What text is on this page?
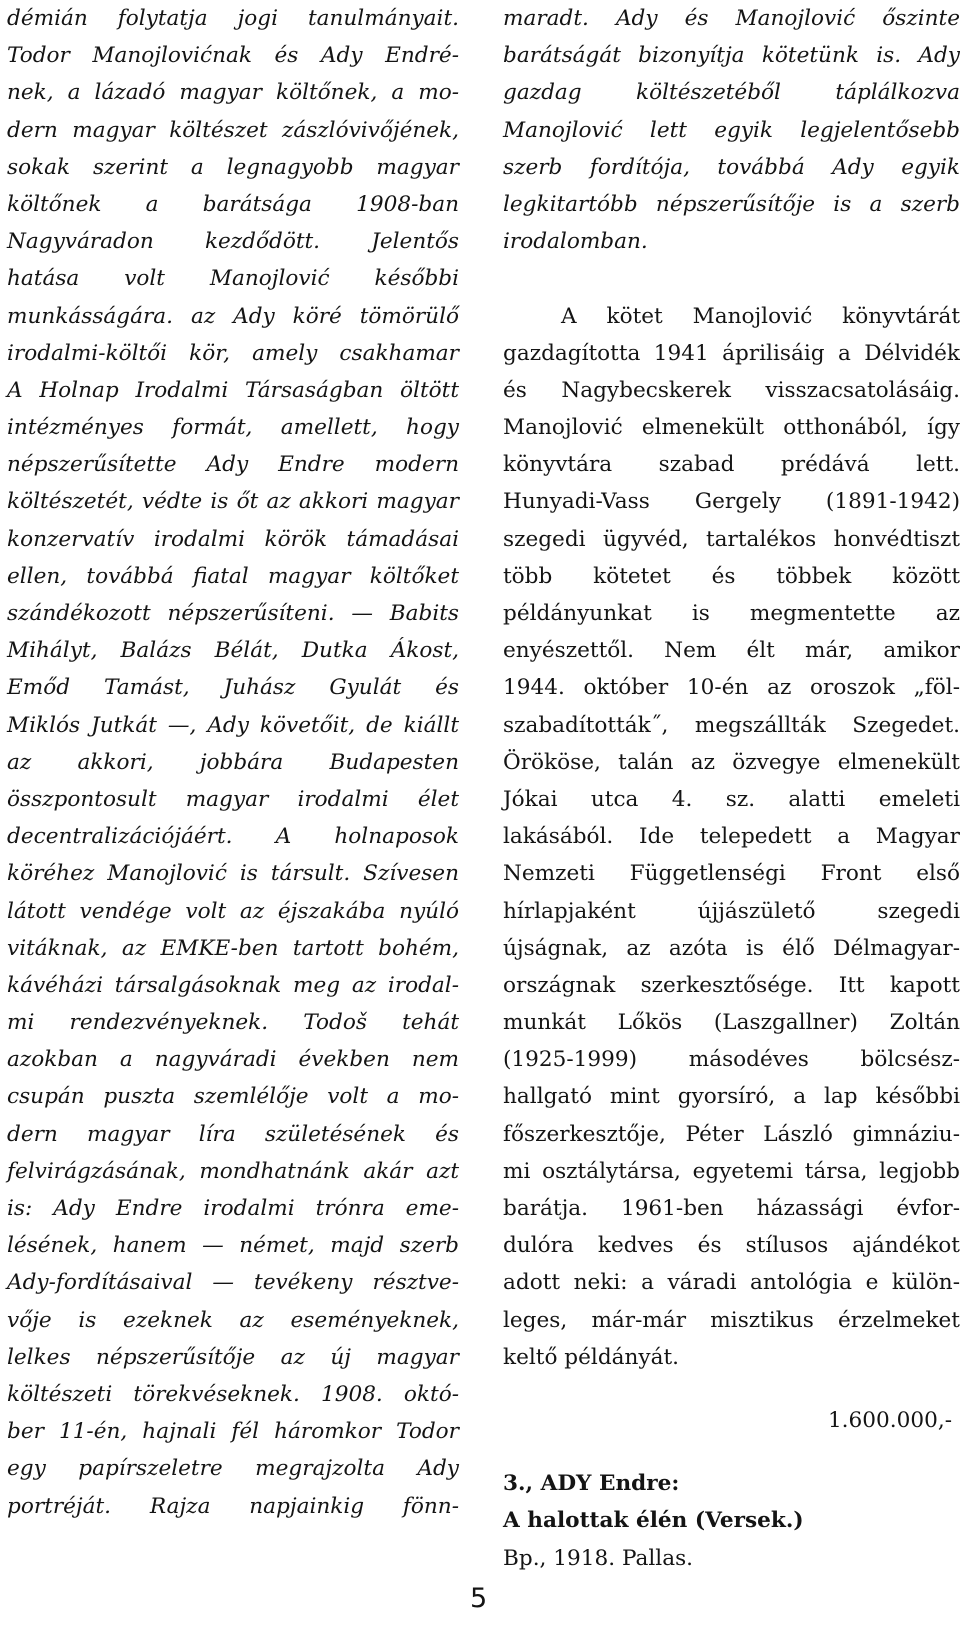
démián folytatja jogi tanulmányait.
Todor Manojlovićnak és Ady Endré-
nek, a lázadó magyar költőnek, a mo-
dern magyar költészet zászlóvivőjének,
sokak szerint a legnagyobb magyar
költőnek a barátsága 1908-ban
Nagyváradon kezdődött. Jelentős
hatása volt Manojlović későbbi
munkásságára. az Ady köré tömörülő
irodalmi-költői kör, amely csakhamar
A Holnap Irodalmi Társaságban öltött
intézményes formát, amellett, hogy
népszerűsítette Ady Endre modern
költészetét, védte is őt az akkori magyar
konzervatív irodalmi körök támadásai
ellen, továbbá fiatal magyar költőket
szándékozott népszerűsíteni. — Babits
Mihályt, Balázs Bélát, Dutka Ákost,
Emőd Tamást, Juhász Gyulát és
Miklós Jutkát —, Ady követőit, de kiállt
az akkori, jobbára Budapesten
összpontosult magyar irodalmi élet
decentralizációjáért. A holnaposok
köréhez Manojlović is társult. Szívesen
látott vendége volt az éjszakába nyúló
vitáknak, az EMKE-ben tartott bohém,
kávéházi társalgásoknak meg az irodal-
mi rendezvényeknek. Todoš tehát
azokban a nagyváradi években nem
csupán puszta szemlélője volt a mo-
dern magyar líra születésének és
felvirágzásának, mondhatnánk akár azt
is: Ady Endre irodalmi trónra eme-
lésének, hanem — német, majd szerb
Ady-fordításaival — tevékeny résztve-
vője is ezeknek az eseményeknek,
lelkes népszerűsítője az új magyar
költészeti törekvéseknek. 1908. októ-
ber 11-én, hajnali fél háromkor Todor
egy papírszeletre megrajzolta Ady
portréját. Rajza napjainkig fönn-
maradt. Ady és Manojlović őszinte
barátságát bizonyítja kötetünk is. Ady
gazdag költészetéből táplálkozva
Manojlović lett egyik legjelentősebb
szerb fordítója, továbbá Ady egyik
legkitartóbb népszerűsítője is a szerb
irodalomban.
A kötet Manojlović könyvtárát
gazdagította 1941 áprilisáig a Délvidék
és Nagybecskerek visszacsatolásáig.
Manojlović elmenekült otthonából, így
könyvtára szabad prédává lett.
Hunyadi-Vass Gergely (1891-1942)
szegedi ügyvéd, tartalékos honvédtiszt
több kötetet és többek között
példányunkat is megmentette az
enyészettől. Nem élt már, amikor
1944. október 10-én az oroszok „föl-
szabadították˝, megszállták Szegedet.
Örököse, talán az özvegye elmenekült
Jókai utca 4. sz. alatti emeleti
lakásából. Ide telepedett a Magyar
Nemzeti Függetlenségi Front első
hírlapjaként újjászülető szegedi
újságnak, az azóta is élő Délmagyar-
országnak szerkesztősége. Itt kapott
munkát Lőkös (Laszgallner) Zoltán
(1925-1999) másodéves bölcsész-
hallgató mint gyorsíró, a lap későbbi
főszerkesztője, Péter László gimnáziu-
mi osztálytársa, egyetemi társa, legjobb
barátja. 1961-ben házassági évfor-
dulóra kedves és stílusos ajándékot
adott neki: a váradi antológia e külön-
leges, már-már misztikus érzelmeket
keltő példányát.
1.600.000,-
3., ADY Endre:
A halottak élén (Versek.)
Bp., 1918. Pallas.
5
